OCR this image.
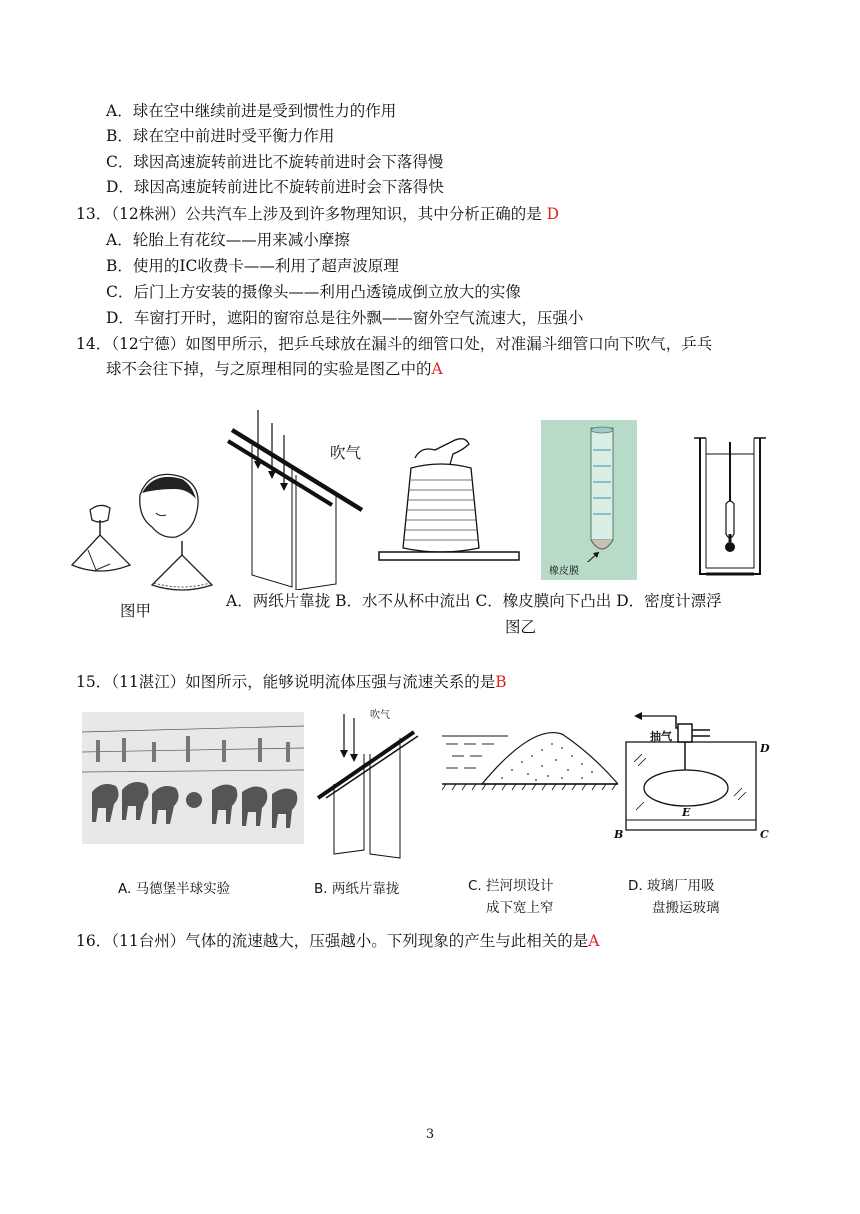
A．球在空中继续前进是受到惯性力的作用
B．球在空中前进时受平衡力作用
C．球因高速旋转前进比不旋转前进时会下落得慢
D．球因高速旋转前进比不旋转前进时会下落得快
13．（12株洲）公共汽车上涉及到许多物理知识，其中分析正确的是 D
A．轮胎上有花纹——用来减小摩擦
B．使用的IC收费卡——利用了超声波原理
C．后门上方安装的摄像头——利用凸透镜成倒立放大的实像
D．车窗打开时，遮阳的窗帘总是往外飘——窗外空气流速大，压强小
14．（12宁德）如图甲所示，把乒乓球放在漏斗的细管口处，对准漏斗细管口向下吹气，乒乓
球不会往下掉，与之原理相同的实验是图乙中的A
图甲
吹气
橡皮膜
A．两纸片靠拢 B．水不从杯中流出 C．橡皮膜向下凸出 D．密度计漂浮
图乙
15．（11湛江）如图所示，能够说明流体压强与流速关系的是B
A. 马德堡半球实验
吹气
B. 两纸片靠拢	C. 拦河坝设计
成下宽上窄
抽气
D
E
B	C
D. 玻璃厂用吸
盘搬运玻璃
16．（11台州）气体的流速越大，压强越小。下列现象的产生与此相关的是A
3
